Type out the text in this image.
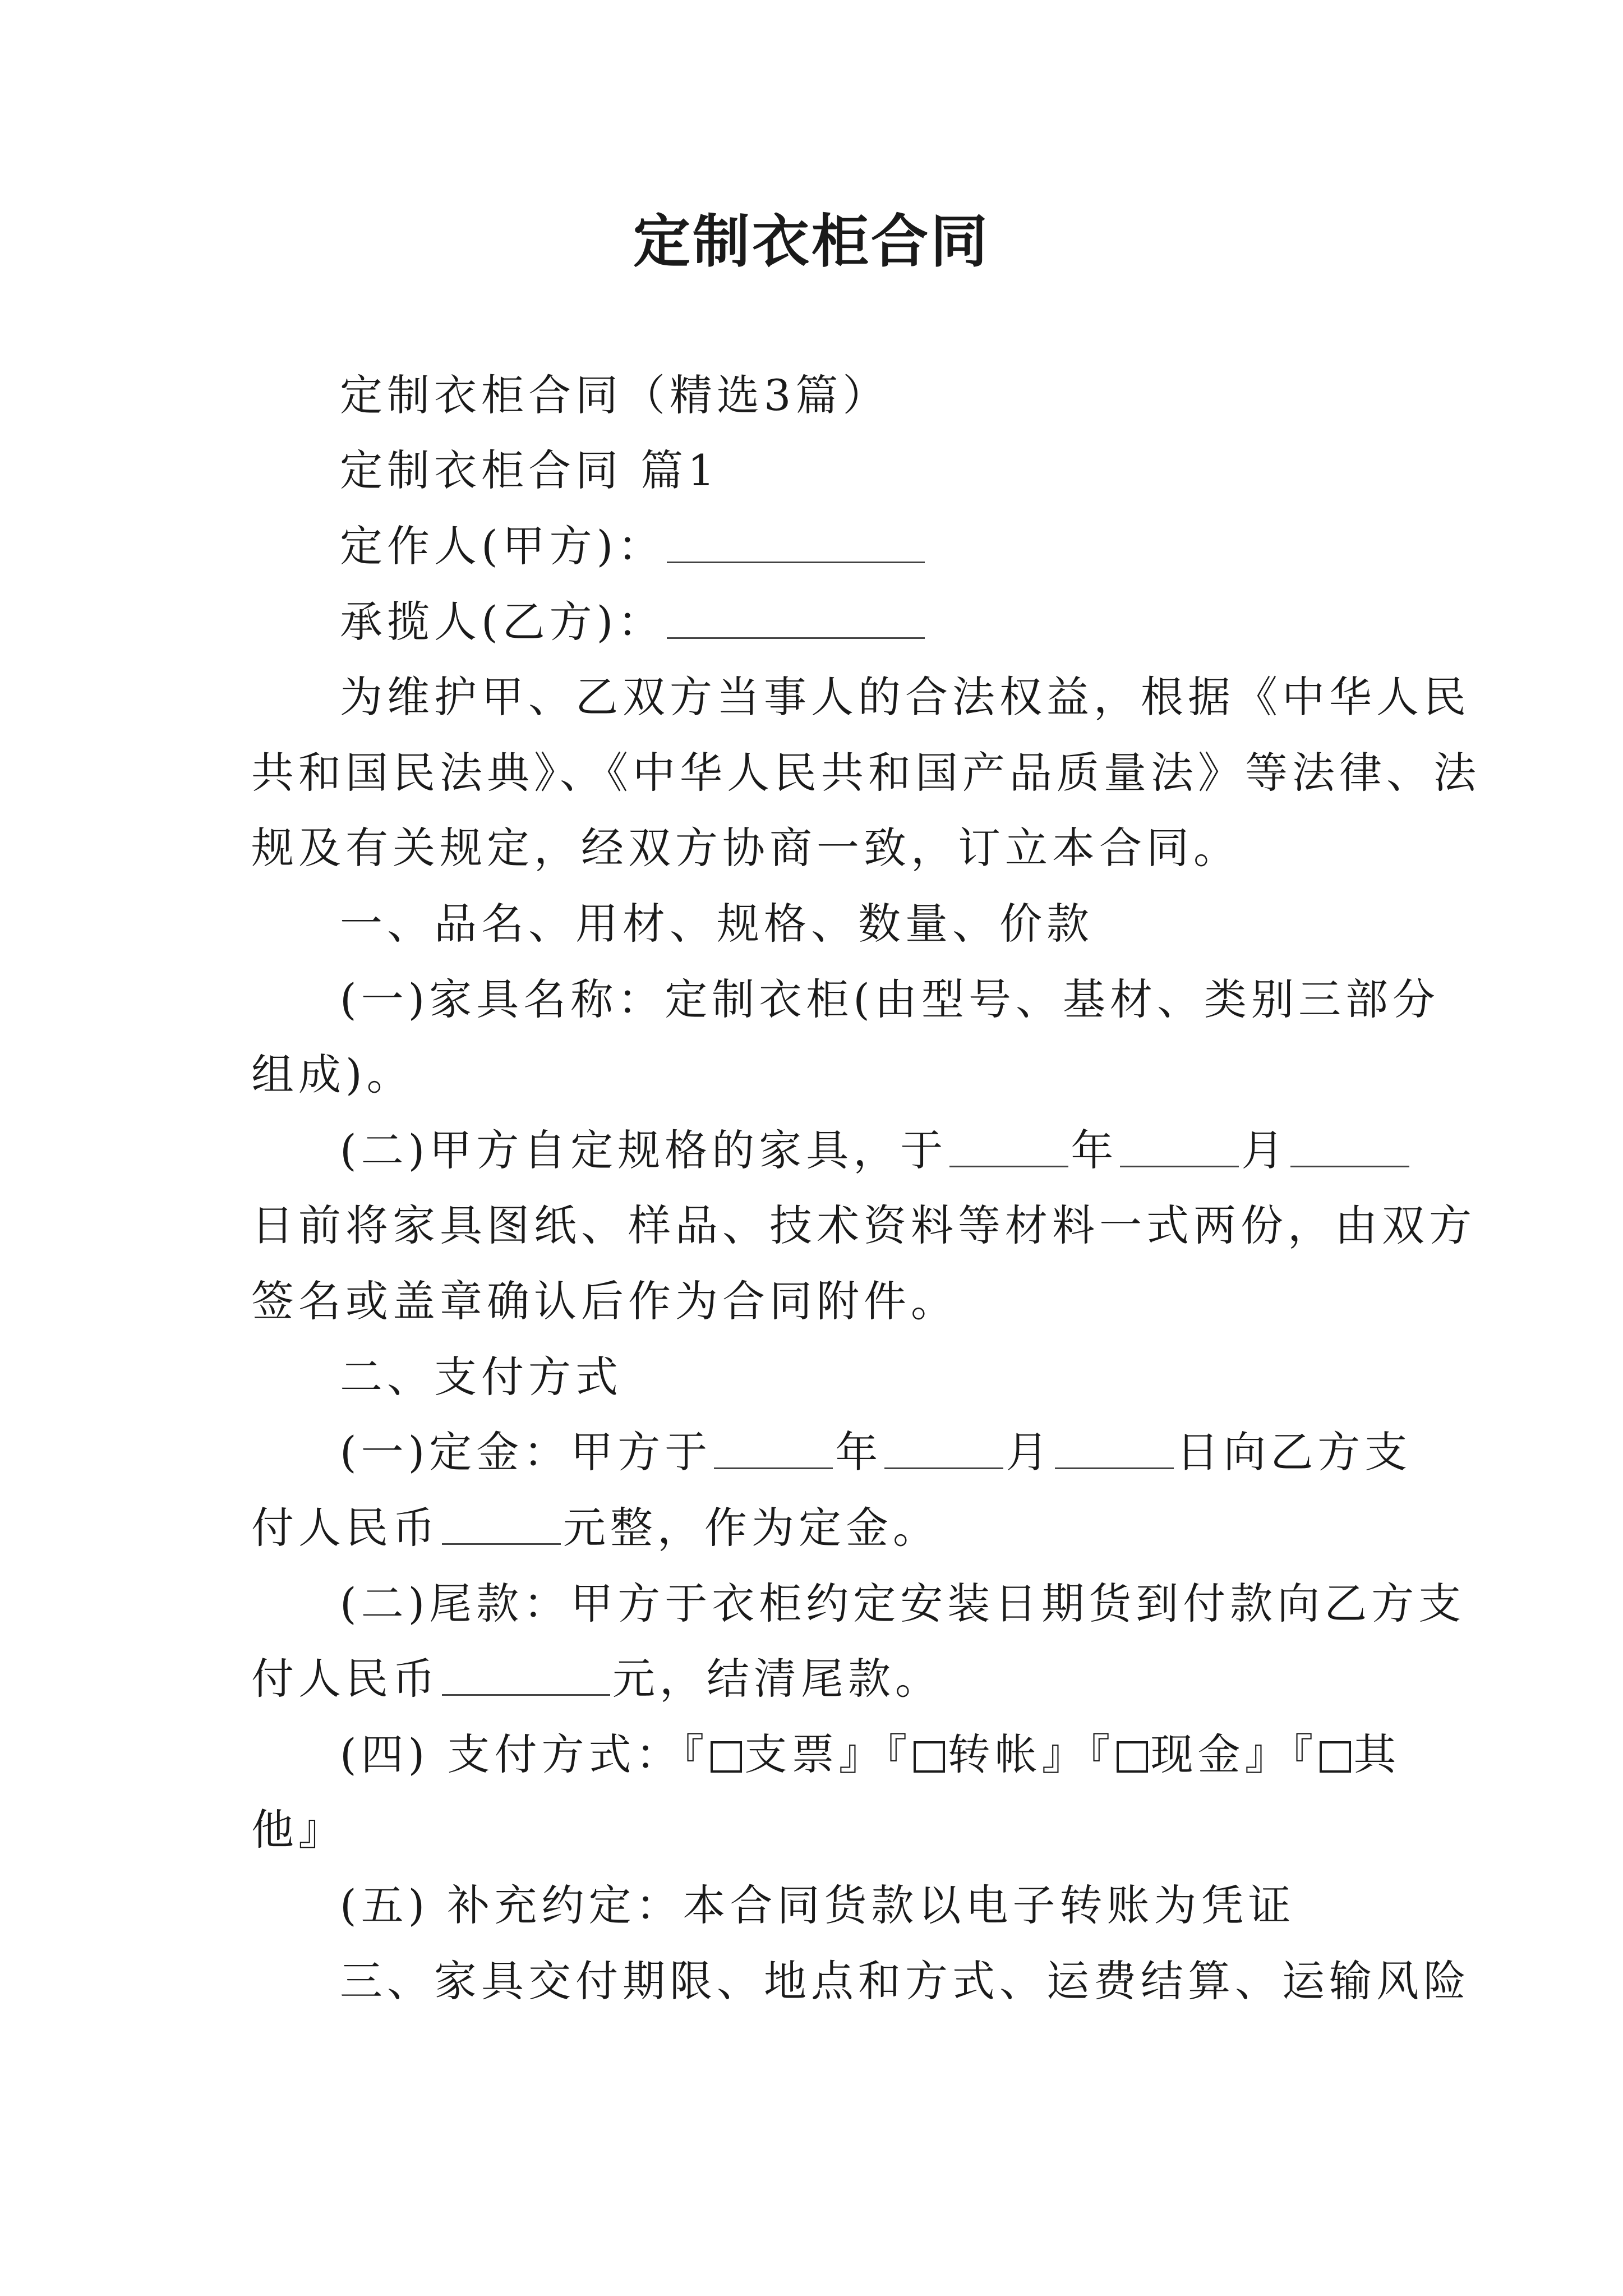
定制衣柜合同

定制衣柜合同（精选3篇）

定制衣柜合同 篇1

定作人(甲方)：

承揽人(乙方)：

为维护甲、乙双方当事人的合法权益，根据《中华人民

共和国民法典》、《中华人民共和国产品质量法》等法律、法

规及有关规定，经双方协商一致，订立本合同。

一、品名、用材、规格、数量、价款

(一)家具名称：定制衣柜(由型号、基材、类别三部分

组成)。

(二)甲方自定规格的家具，于	年	月

日前将家具图纸、样品、技术资料等材料一式两份，由双方

签名或盖章确认后作为合同附件。

二、支付方式

(一)定金：甲方于	年	月	日向乙方支

付人民币	元整，作为定金。

(二)尾款：甲方于衣柜约定安装日期货到付款向乙方支

付人民币	元，结清尾款。

(四) 支付方式：『 支票』『 转帐』『 现金』『 其

他』

(五) 补充约定：本合同货款以电子转账为凭证

三、家具交付期限、地点和方式、运费结算、运输风险
